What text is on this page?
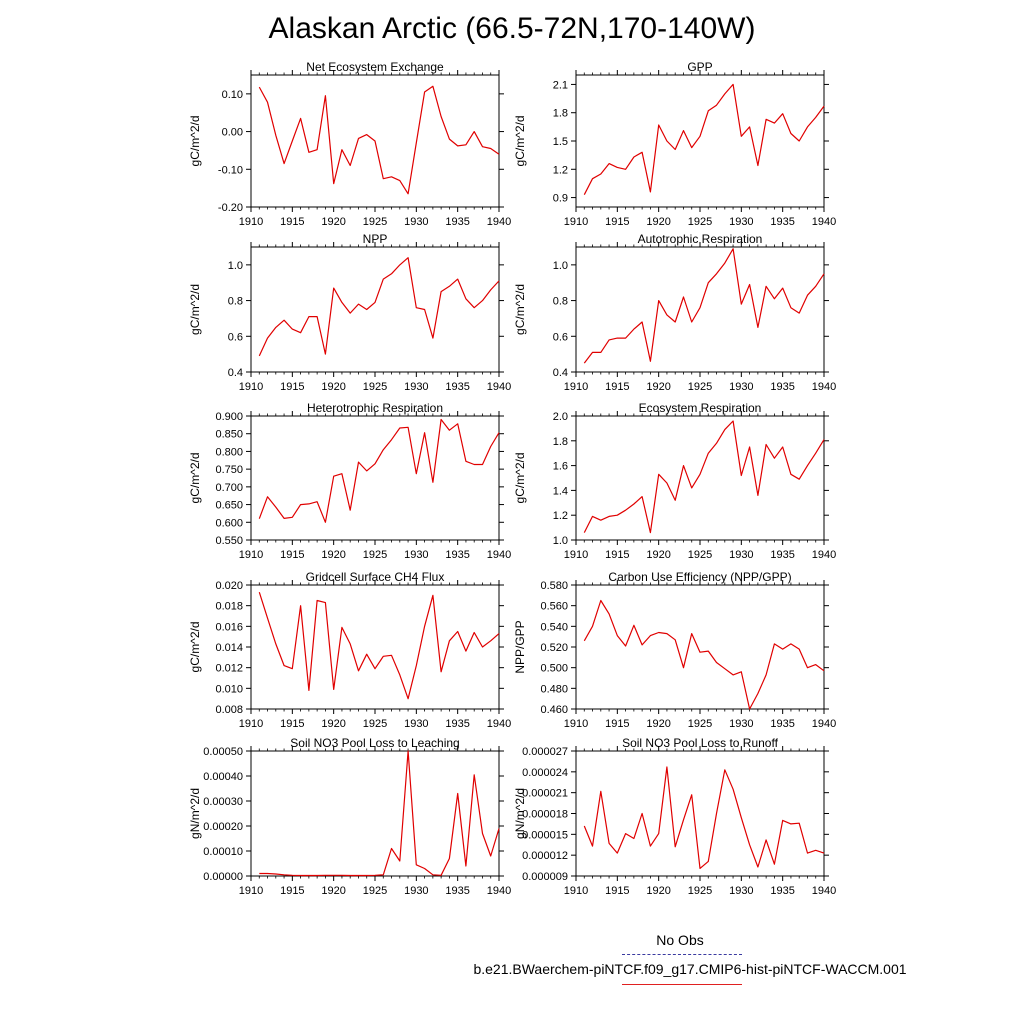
Alaskan Arctic (66.5-72N,170-140W)
Net Ecosystem Exchange
gC/m^2/d
1910 1915 1920 1925 1930 1935 1940
-0.20
-0.10
0.00
0.10
GPP
gC/m^2/d
1910 1915 1920 1925 1930 1935 1940
0.9
1.2
1.5
1.8
2.1
NPP
gC/m^2/d
1910 1915 1920 1925 1930 1935 1940
0.4
0.6
0.8
1.0
Autotrophic Respiration
gC/m^2/d
1910 1915 1920 1925 1930 1935 1940
0.4
0.6
0.8
1.0
Heterotrophic Respiration
gC/m^2/d
1910 1915 1920 1925 1930 1935 1940
0.550
0.600
0.650
0.700
0.750
0.800
0.850
0.900
Ecosystem Respiration
gC/m^2/d
1910 1915 1920 1925 1930 1935 1940
1.0
1.2
1.4
1.6
1.8
2.0
Gridcell Surface CH4 Flux
gC/m^2/d
1910 1915 1920 1925 1930 1935 1940
0.008
0.010
0.012
0.014
0.016
0.018
0.020
Carbon Use Efficiency (NPP/GPP)
NPP/GPP
1910 1915 1920 1925 1930 1935 1940
0.460
0.480
0.500
0.520
0.540
0.560
0.580
Soil NO3 Pool Loss to Leaching
gN/m^2/d
1910 1915 1920 1925 1930 1935 1940
0.00000
0.00010
0.00020
0.00030
0.00040
0.00050
Soil NO3 Pool Loss to Runoff
gN/m^2/d
1910 1915 1920 1925 1930 1935 1940
0.000009
0.000012
0.000015
0.000018
0.000021
0.000024
0.000027
No Obs
b.e21.BWaerchem-piNTCF.f09_g17.CMIP6-hist-piNTCF-WACCM.001
